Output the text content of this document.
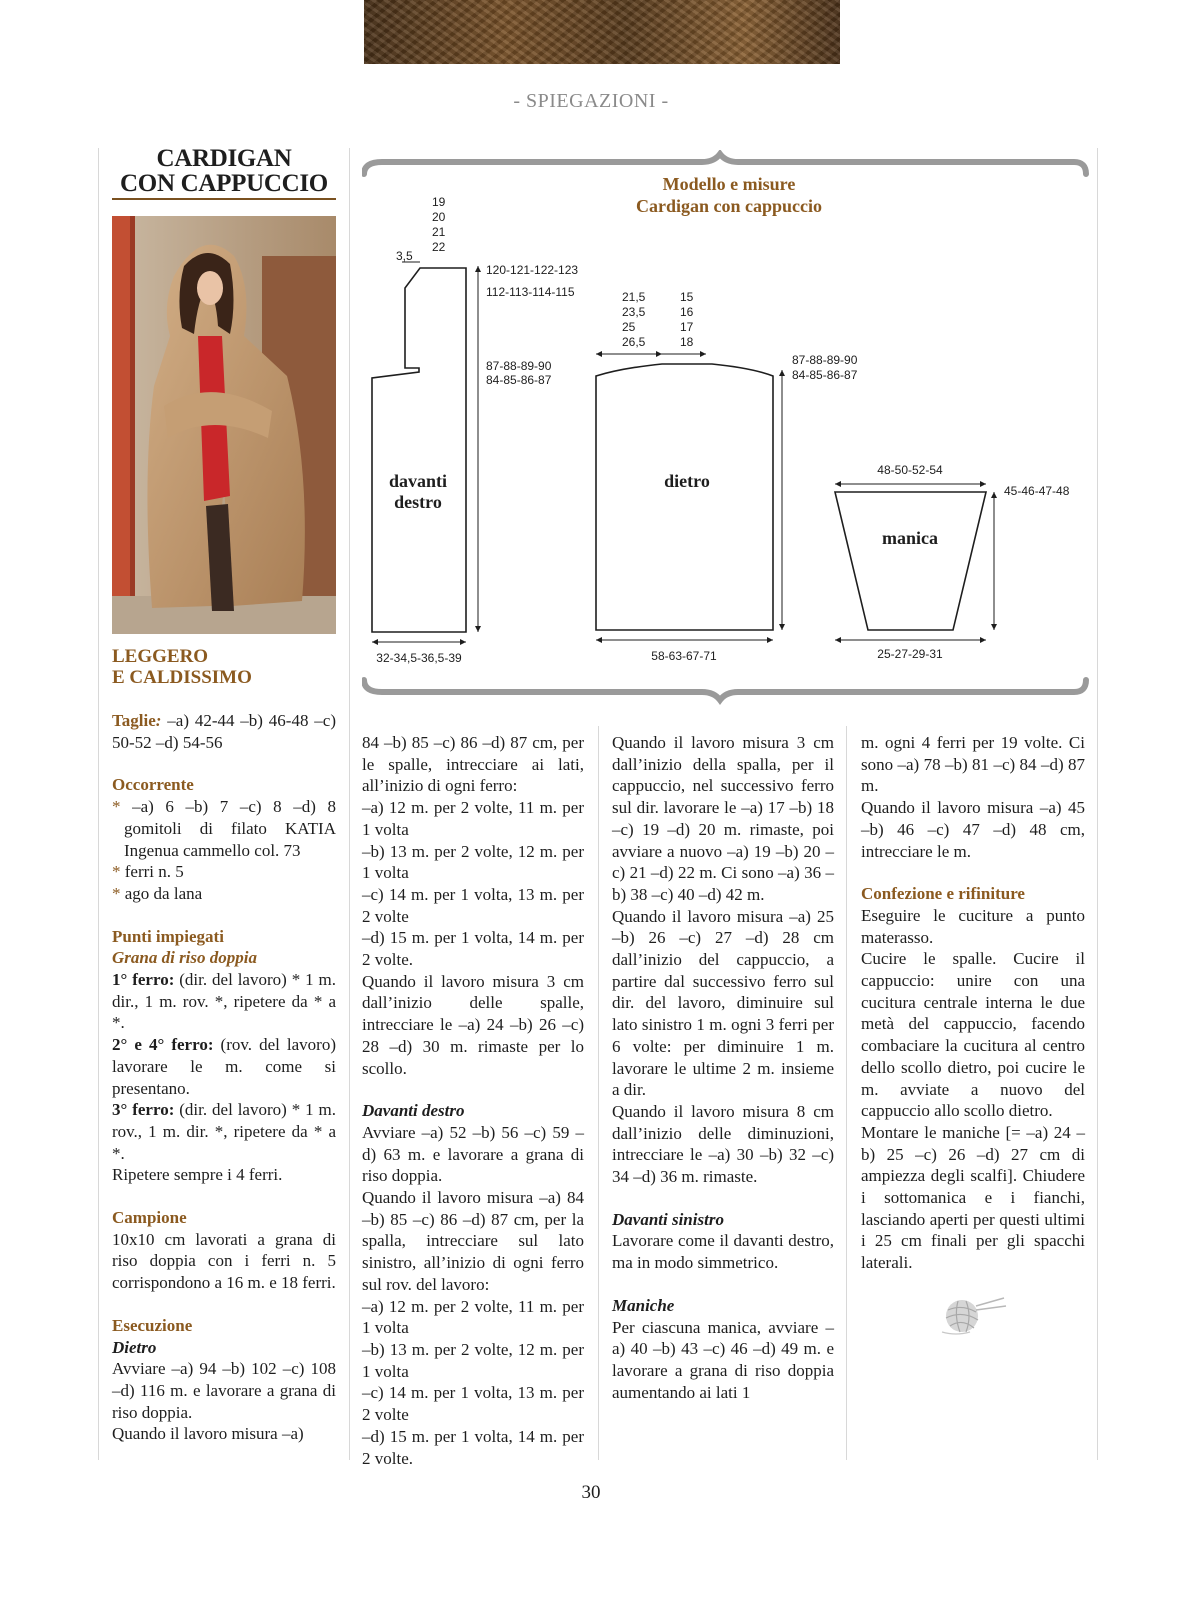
- SPIEGAZIONI -
CARDIGAN
CON CAPPUCCIO
LEGGERO
E CALDISSIMO
Modello e misure
Cardigan con cappuccio
3,5
19
20
21
22
120-121-122-123
112-113-114-115
87-88-89-90
84-85-86-87
32-34,5-36,5-39
21,5
23,5
25
26,5
15
16
17
18
87-88-89-90
84-85-86-87
58-63-67-71
48-50-52-54
45-46-47-48
25-27-29-31
davanti
destro
dietro
manica

Taglie: –a) 42-44 –b) 46-48 –c) 50-52 –d) 54-56

Occorrente

* –a) 6 –b) 7 –c) 8 –d) 8 gomitoli di filato KATIA Ingenua cammello col. 73

* ferri n. 5

* ago da lana

Punti impiegati

Grana di riso doppia

1° ferro: (dir. del lavoro) * 1 m. dir., 1 m. rov. *, ripetere da * a *.

2° e 4° ferro: (rov. del lavoro) lavorare le m. come si presentano.

3° ferro: (dir. del lavoro) * 1 m. rov., 1 m. dir. *, ripetere da * a *.

Ripetere sempre i 4 ferri.

Campione

10x10 cm lavorati a grana di riso doppia con i ferri n. 5 corrispondono a 16 m. e 18 ferri.

Esecuzione

Dietro

Avviare –a) 94 –b) 102 –c) 108 –d) 116 m. e lavorare a grana di riso doppia.

Quando il lavoro misura –a)

84 –b) 85 –c) 86 –d) 87 cm, per le spalle, intrecciare ai lati, all’inizio di ogni ferro:

–a) 12 m. per 2 volte, 11 m. per 1 volta

–b) 13 m. per 2 volte, 12 m. per 1 volta

–c) 14 m. per 1 volta, 13 m. per 2 volte

–d) 15 m. per 1 volta, 14 m. per 2 volte.

Quando il lavoro misura 3 cm dall’inizio delle spalle, intrecciare le –a) 24 –b) 26 –c) 28 –d) 30 m. rimaste per lo scollo.

Davanti destro

Avviare –a) 52 –b) 56 –c) 59 –d) 63 m. e lavorare a grana di riso doppia.

Quando il lavoro misura –a) 84 –b) 85 –c) 86 –d) 87 cm, per la spalla, intrecciare sul lato sinistro, all’inizio di ogni ferro sul rov. del lavoro:

–a) 12 m. per 2 volte, 11 m. per 1 volta

–b) 13 m. per 2 volte, 12 m. per 1 volta

–c) 14 m. per 1 volta, 13 m. per 2 volte

–d) 15 m. per 1 volta, 14 m. per 2 volte.

Quando il lavoro misura 3 cm dall’inizio della spalla, per il cappuccio, nel successivo ferro sul dir. lavorare le –a) 17 –b) 18 –c) 19 –d) 20 m. rimaste, poi avviare a nuovo –a) 19 –b) 20 –c) 21 –d) 22 m. Ci sono –a) 36 –b) 38 –c) 40 –d) 42 m.

Quando il lavoro misura –a) 25 –b) 26 –c) 27 –d) 28 cm dall’inizio del cappuccio, a partire dal successivo ferro sul dir. del lavoro, diminuire sul lato sinistro 1 m. ogni 3 ferri per 6 volte: per diminuire 1 m. lavorare le ultime 2 m. insieme a dir.

Quando il lavoro misura 8 cm dall’inizio delle diminuzioni, intrecciare le –a) 30 –b) 32 –c) 34 –d) 36 m. rimaste.

Davanti sinistro

Lavorare come il davanti destro, ma in modo simmetrico.

Maniche

Per ciascuna manica, avviare –a) 40 –b) 43 –c) 46 –d) 49 m. e lavorare a grana di riso doppia aumentando ai lati 1

m. ogni 4 ferri per 19 volte. Ci sono –a) 78 –b) 81 –c) 84 –d) 87 m.

Quando il lavoro misura –a) 45 –b) 46 –c) 47 –d) 48 cm, intrecciare le m.

Confezione e rifiniture

Eseguire le cuciture a punto materasso.

Cucire le spalle. Cucire il cappuccio: unire con una cucitura centrale interna le due metà del cappuccio, facendo combaciare la cucitura al centro dello scollo dietro, poi cucire le m. avviate a nuovo del cappuccio allo scollo dietro.

Montare le maniche [= –a) 24 –b) 25 –c) 26 –d) 27 cm di ampiezza degli scalfi]. Chiudere i sottomanica e i fianchi, lasciando aperti per questi ultimi i 25 cm finali per gli spacchi laterali.

30
